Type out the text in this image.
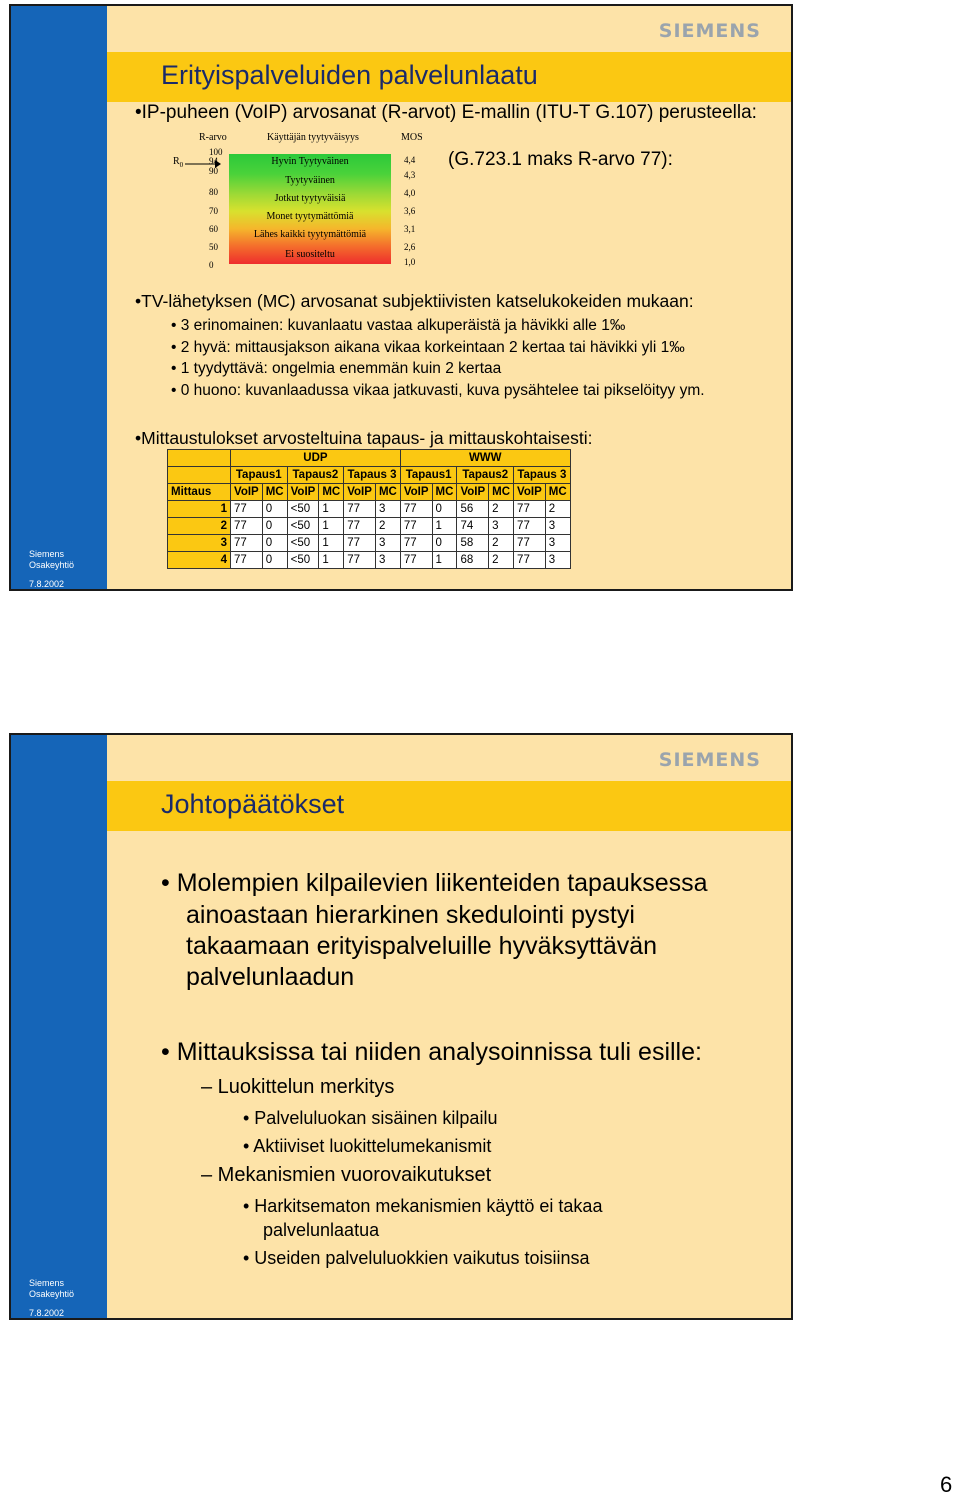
SIEMENS
Erityispalveluiden palvelunlaatu
•IP-puheen (VoIP) arvosanat (R-arvot) E-mallin (ITU-T G.107) perusteella:
R-arvo	Käyttäjän tyytyväisyys	MOS
$R_0$
100
94
90
80
70
60
50
0
Hyvin Tyytyväinen
Tyytyväinen
Jotkut tyytyväisiä
Monet tyytymättömiä
Lähes kaikki tyytymättömiä
Ei suositeltu
4,4
4,3
4,0
3,6
3,1
2,6
1,0
(G.723.1 maks R-arvo 77):
•TV-lähetyksen (MC) arvosanat subjektiivisten katselukokeiden mukaan:
• 3 erinomainen: kuvanlaatu vastaa alkuperäistä ja hävikki alle 1‰
• 2 hyvä: mittausjakson aikana vikaa korkeintaan 2 kertaa tai hävikki yli 1‰
• 1 tyydyttävä: ongelmia enemmän kuin 2 kertaa
• 0 huono: kuvanlaadussa vikaa jatkuvasti, kuva pysähtelee tai pikselöityy ym.
•Mittaustulokset arvosteltuina tapaus- ja mittauskohtaisesti:
	UDP						WWW					
	Tapaus1		Tapaus2		Tapaus 3		Tapaus1		Tapaus2		Tapaus 3	
Mittaus	VoIP	MC	VoIP	MC	VoIP	MC	VoIP	MC	VoIP	MC	VoIP	MC
1	77	0	<50	1	77	3	77	0	56	2	77	2
2	77	0	<50	1	77	2	77	1	74	3	77	3
3	77	0	<50	1	77	3	77	0	58	2	77	3
4	77	0	<50	1	77	3	77	1	68	2	77	3
Siemens
Osakeyhtiö
7.8.2002
SIEMENS
Johtopäätökset
• Molempien kilpailevien liikenteiden tapauksessa
ainoastaan hierarkinen skedulointi pystyi
takaamaan erityispalveluille hyväksyttävän
palvelunlaadun
• Mittauksissa tai niiden analysoinnissa tuli esille:
– Luokittelun merkitys
• Palveluluokan sisäinen kilpailu
• Aktiiviset luokittelumekanismit
– Mekanismien vuorovaikutukset
• Harkitsematon mekanismien käyttö ei takaa
palvelunlaatua
• Useiden palveluluokkien vaikutus toisiinsa
Siemens
Osakeyhtiö
7.8.2002
6
